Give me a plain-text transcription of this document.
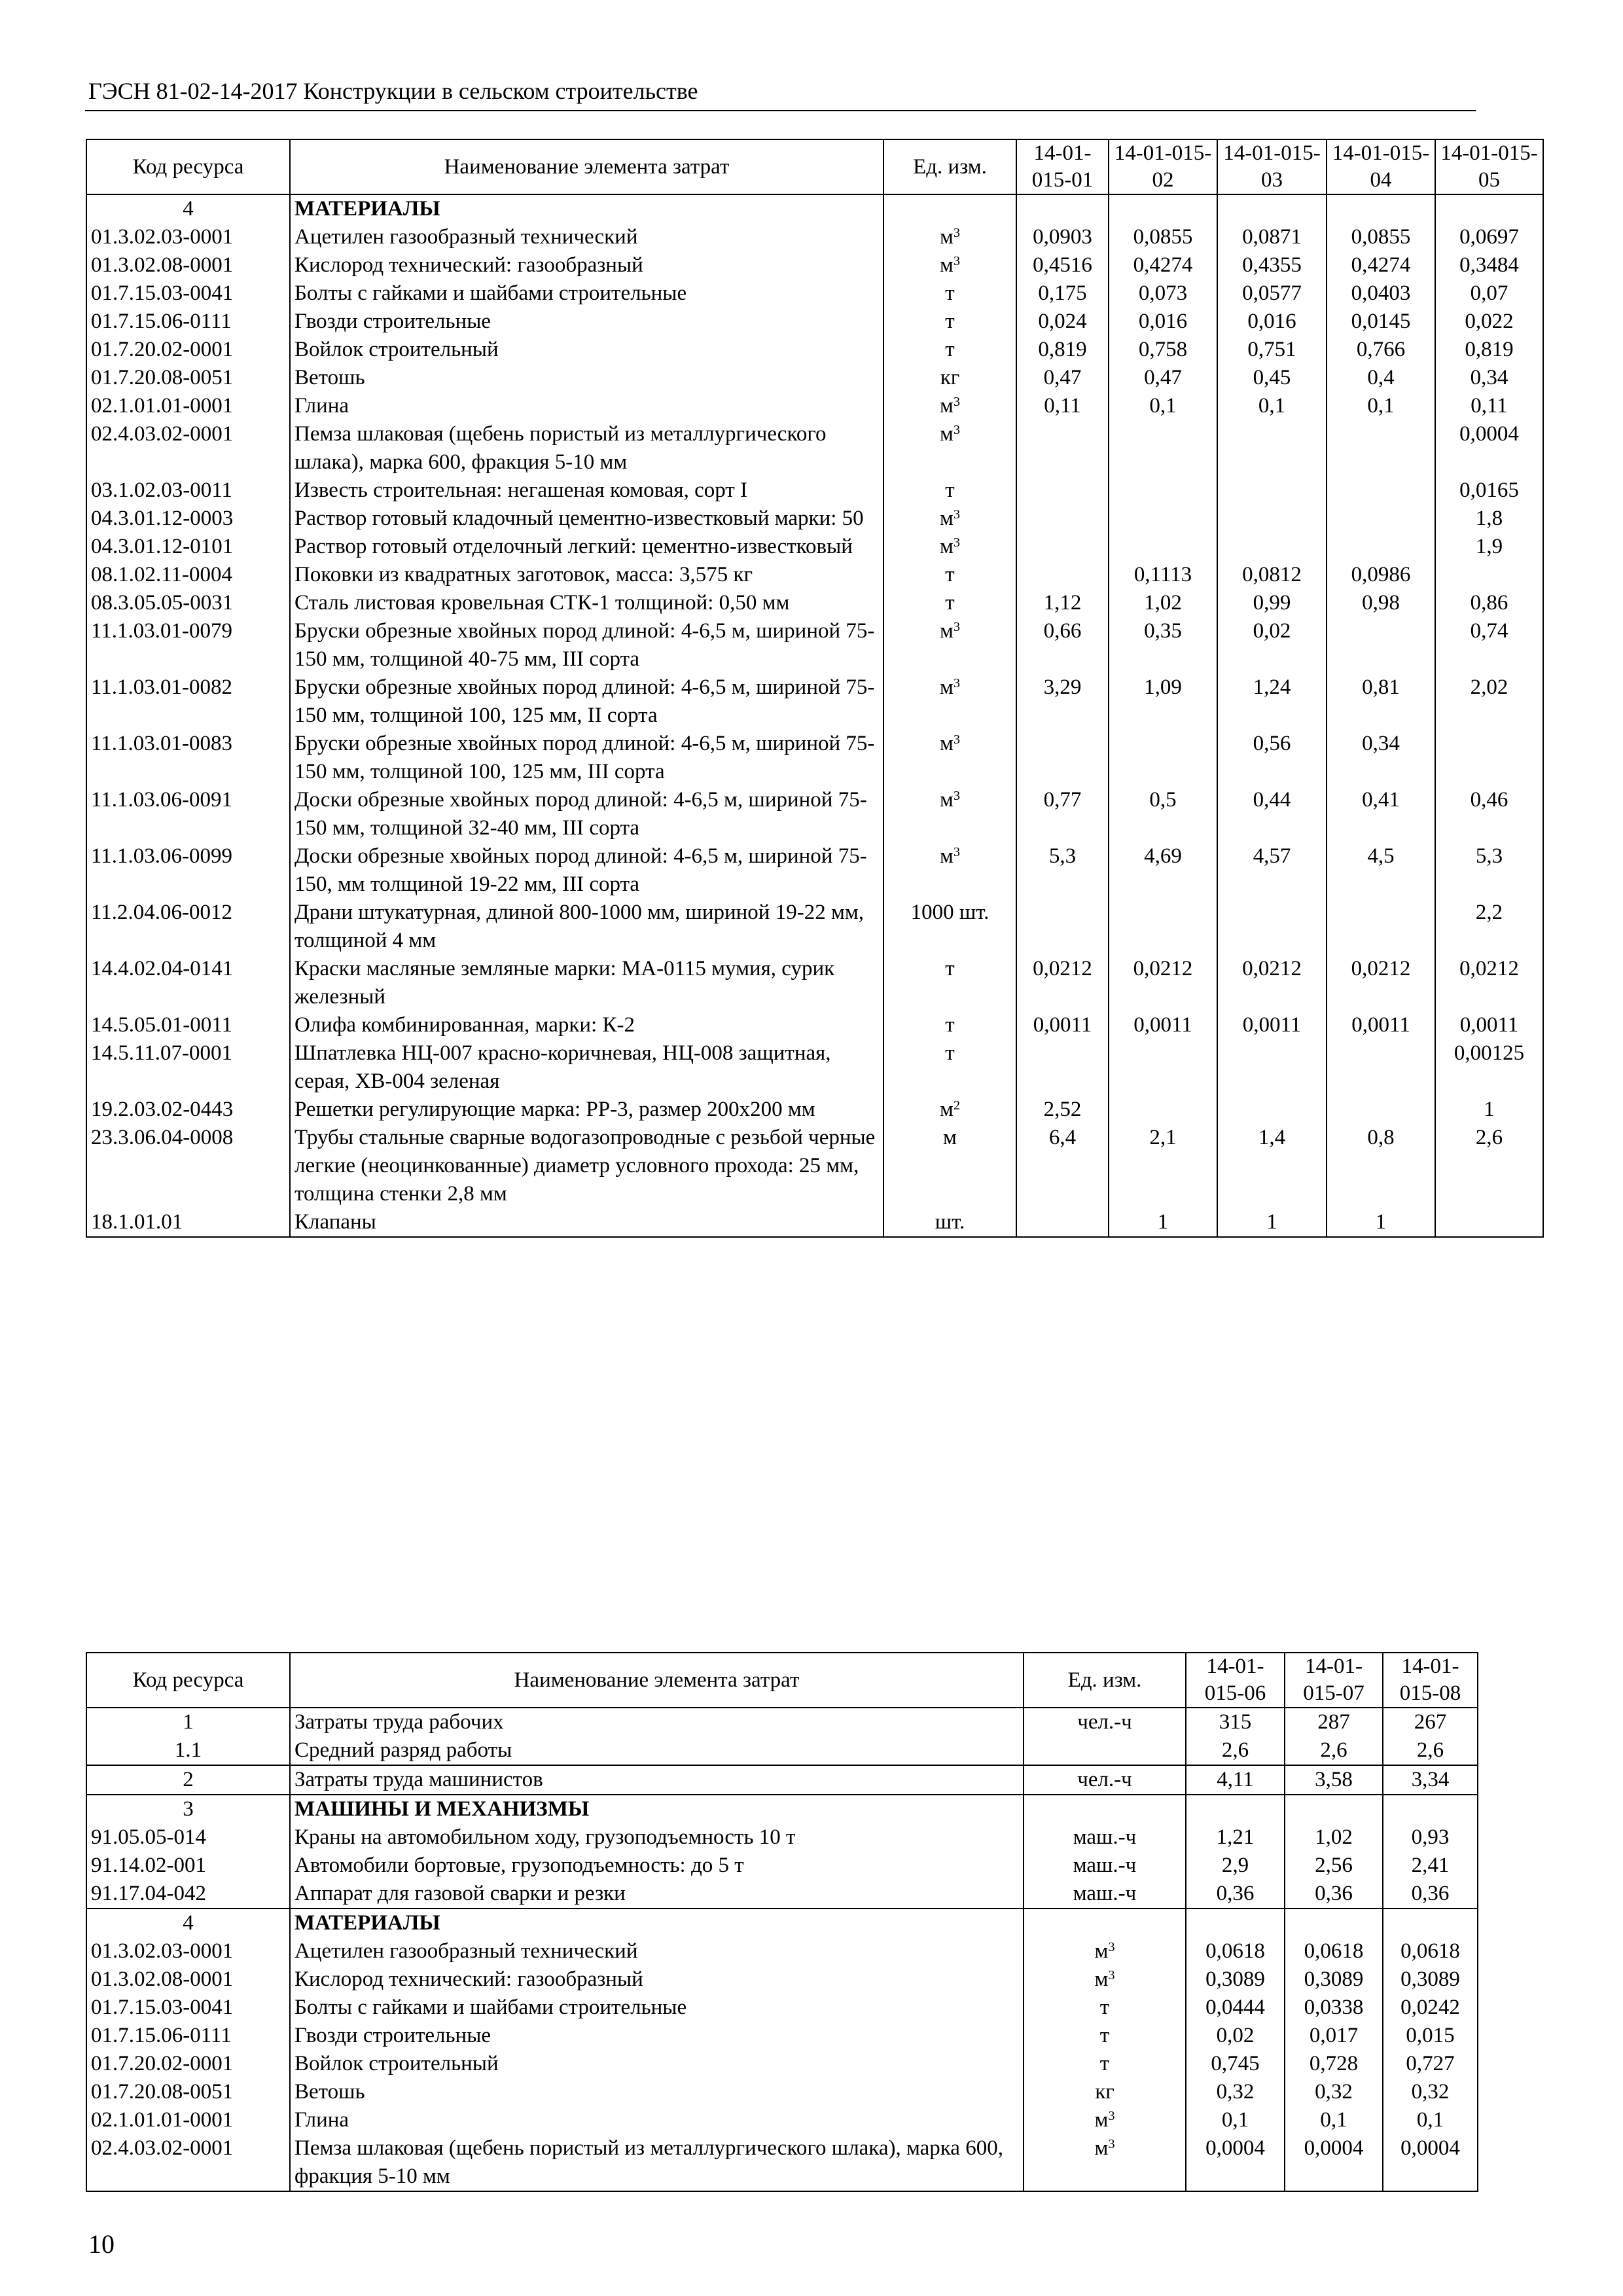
ГЭСН 81-02-14-2017 Конструкции в сельском строительстве
Код ресурса	Наименование элемента затрат	Ед. изм.	14-01-015-01	14-01-015-02	14-01-015-03	14-01-015-04	14-01-015-05
4	МАТЕРИАЛЫ						
01.3.02.03-0001	Ацетилен газообразный технический	$м^3$	0,0903	0,0855	0,0871	0,0855	0,0697
01.3.02.08-0001	Кислород технический: газообразный	$м^3$	0,4516	0,4274	0,4355	0,4274	0,3484
01.7.15.03-0041	Болты с гайками и шайбами строительные	т	0,175	0,073	0,0577	0,0403	0,07
01.7.15.06-0111	Гвозди строительные	т	0,024	0,016	0,016	0,0145	0,022
01.7.20.02-0001	Войлок строительный	т	0,819	0,758	0,751	0,766	0,819
01.7.20.08-0051	Ветошь	кг	0,47	0,47	0,45	0,4	0,34
02.1.01.01-0001	Глина	$м^3$	0,11	0,1	0,1	0,1	0,11
02.4.03.02-0001	Пемза шлаковая (щебень пористый из металлургического шлака), марка 600, фракция 5-10 мм	$м^3$					0,0004
03.1.02.03-0011	Известь строительная: негашеная комовая, сорт I	т					0,0165
04.3.01.12-0003	Раствор готовый кладочный цементно-известковый марки: 50	$м^3$					1,8
04.3.01.12-0101	Раствор готовый отделочный легкий: цементно-известковый	$м^3$					1,9
08.1.02.11-0004	Поковки из квадратных заготовок, масса: 3,575 кг	т		0,1113	0,0812	0,0986	
08.3.05.05-0031	Сталь листовая кровельная СТК-1 толщиной: 0,50 мм	т	1,12	1,02	0,99	0,98	0,86
11.1.03.01-0079	Бруски обрезные хвойных пород длиной: 4-6,5 м, шириной 75-150 мм, толщиной 40-75 мм, III сорта	$м^3$	0,66	0,35	0,02		0,74
11.1.03.01-0082	Бруски обрезные хвойных пород длиной: 4-6,5 м, шириной 75-150 мм, толщиной 100, 125 мм, II сорта	$м^3$	3,29	1,09	1,24	0,81	2,02
11.1.03.01-0083	Бруски обрезные хвойных пород длиной: 4-6,5 м, шириной 75-150 мм, толщиной 100, 125 мм, III сорта	$м^3$			0,56	0,34	
11.1.03.06-0091	Доски обрезные хвойных пород длиной: 4-6,5 м, шириной 75-150 мм, толщиной 32-40 мм, III сорта	$м^3$	0,77	0,5	0,44	0,41	0,46
11.1.03.06-0099	Доски обрезные хвойных пород длиной: 4-6,5 м, шириной 75-150, мм толщиной 19-22 мм, III сорта	$м^3$	5,3	4,69	4,57	4,5	5,3
11.2.04.06-0012	Драни штукатурная, длиной 800-1000 мм, шириной 19-22 мм, толщиной 4 мм	1000 шт.					2,2
14.4.02.04-0141	Краски масляные земляные марки: МА-0115 мумия, сурик железный	т	0,0212	0,0212	0,0212	0,0212	0,0212
14.5.05.01-0011	Олифа комбинированная, марки: К-2	т	0,0011	0,0011	0,0011	0,0011	0,0011
14.5.11.07-0001	Шпатлевка НЦ-007 красно-коричневая, НЦ-008 защитная, серая, ХВ-004 зеленая	т					0,00125
19.2.03.02-0443	Решетки регулирующие марка: РР-3, размер 200х200 мм	$м^2$	2,52				1
23.3.06.04-0008	Трубы стальные сварные водогазопроводные с резьбой черные легкие (неоцинкованные) диаметр условного прохода: 25 мм, толщина стенки 2,8 мм	м	6,4	2,1	1,4	0,8	2,6
18.1.01.01	Клапаны	шт.		1	1	1	
Код ресурса	Наименование элемента затрат	Ед. изм.	14-01-015-06	14-01-015-07	14-01-015-08
1	Затраты труда рабочих	чел.-ч	315	287	267
1.1	Средний разряд работы		2,6	2,6	2,6
2	Затраты труда машинистов	чел.-ч	4,11	3,58	3,34
3	МАШИНЫ И МЕХАНИЗМЫ				
91.05.05-014	Краны на автомобильном ходу, грузоподъемность 10 т	маш.-ч	1,21	1,02	0,93
91.14.02-001	Автомобили бортовые, грузоподъемность: до 5 т	маш.-ч	2,9	2,56	2,41
91.17.04-042	Аппарат для газовой сварки и резки	маш.-ч	0,36	0,36	0,36
4	МАТЕРИАЛЫ				
01.3.02.03-0001	Ацетилен газообразный технический	$м^3$	0,0618	0,0618	0,0618
01.3.02.08-0001	Кислород технический: газообразный	$м^3$	0,3089	0,3089	0,3089
01.7.15.03-0041	Болты с гайками и шайбами строительные	т	0,0444	0,0338	0,0242
01.7.15.06-0111	Гвозди строительные	т	0,02	0,017	0,015
01.7.20.02-0001	Войлок строительный	т	0,745	0,728	0,727
01.7.20.08-0051	Ветошь	кг	0,32	0,32	0,32
02.1.01.01-0001	Глина	$м^3$	0,1	0,1	0,1
02.4.03.02-0001	Пемза шлаковая (щебень пористый из металлургического шлака), марка 600, фракция 5-10 мм	$м^3$	0,0004	0,0004	0,0004
10
